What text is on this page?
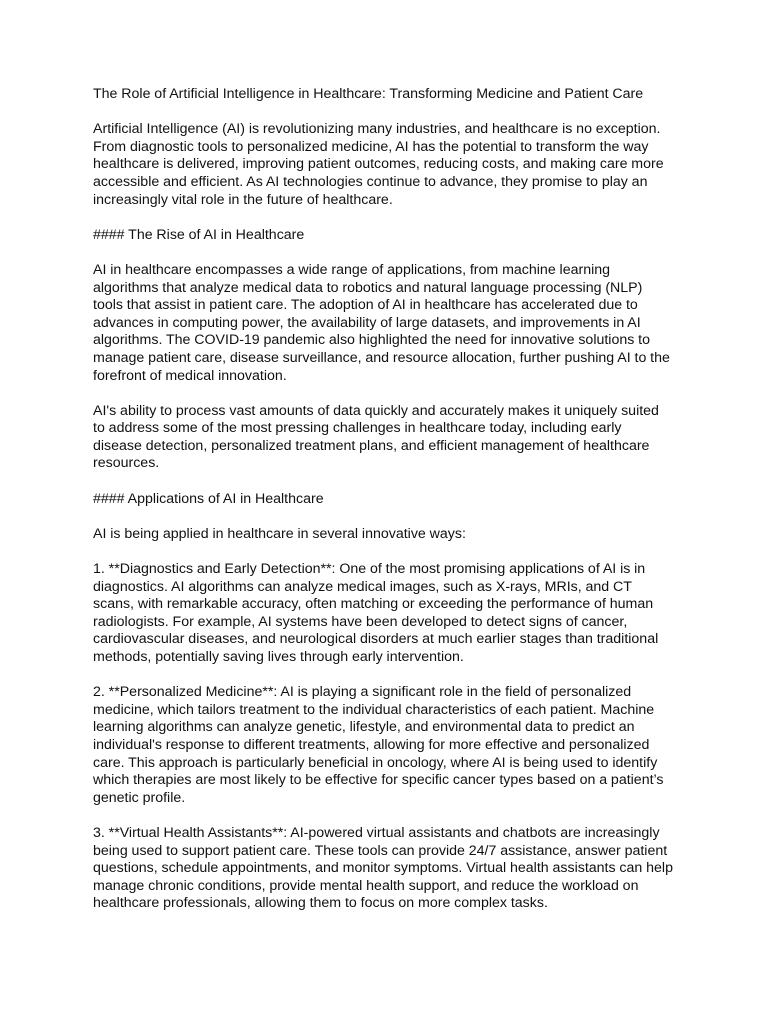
The Role of Artificial Intelligence in Healthcare: Transforming Medicine and Patient Care
Artificial Intelligence (AI) is revolutionizing many industries, and healthcare is no exception.
From diagnostic tools to personalized medicine, AI has the potential to transform the way
healthcare is delivered, improving patient outcomes, reducing costs, and making care more
accessible and efficient. As AI technologies continue to advance, they promise to play an
increasingly vital role in the future of healthcare.
#### The Rise of AI in Healthcare
AI in healthcare encompasses a wide range of applications, from machine learning
algorithms that analyze medical data to robotics and natural language processing (NLP)
tools that assist in patient care. The adoption of AI in healthcare has accelerated due to
advances in computing power, the availability of large datasets, and improvements in AI
algorithms. The COVID-19 pandemic also highlighted the need for innovative solutions to
manage patient care, disease surveillance, and resource allocation, further pushing AI to the
forefront of medical innovation.
AI's ability to process vast amounts of data quickly and accurately makes it uniquely suited
to address some of the most pressing challenges in healthcare today, including early
disease detection, personalized treatment plans, and efficient management of healthcare
resources.
#### Applications of AI in Healthcare
AI is being applied in healthcare in several innovative ways:
1. **Diagnostics and Early Detection**: One of the most promising applications of AI is in
diagnostics. AI algorithms can analyze medical images, such as X-rays, MRIs, and CT
scans, with remarkable accuracy, often matching or exceeding the performance of human
radiologists. For example, AI systems have been developed to detect signs of cancer,
cardiovascular diseases, and neurological disorders at much earlier stages than traditional
methods, potentially saving lives through early intervention.
2. **Personalized Medicine**: AI is playing a significant role in the field of personalized
medicine, which tailors treatment to the individual characteristics of each patient. Machine
learning algorithms can analyze genetic, lifestyle, and environmental data to predict an
individual's response to different treatments, allowing for more effective and personalized
care. This approach is particularly beneficial in oncology, where AI is being used to identify
which therapies are most likely to be effective for specific cancer types based on a patient’s
genetic profile.
3. **Virtual Health Assistants**: AI-powered virtual assistants and chatbots are increasingly
being used to support patient care. These tools can provide 24/7 assistance, answer patient
questions, schedule appointments, and monitor symptoms. Virtual health assistants can help
manage chronic conditions, provide mental health support, and reduce the workload on
healthcare professionals, allowing them to focus on more complex tasks.
